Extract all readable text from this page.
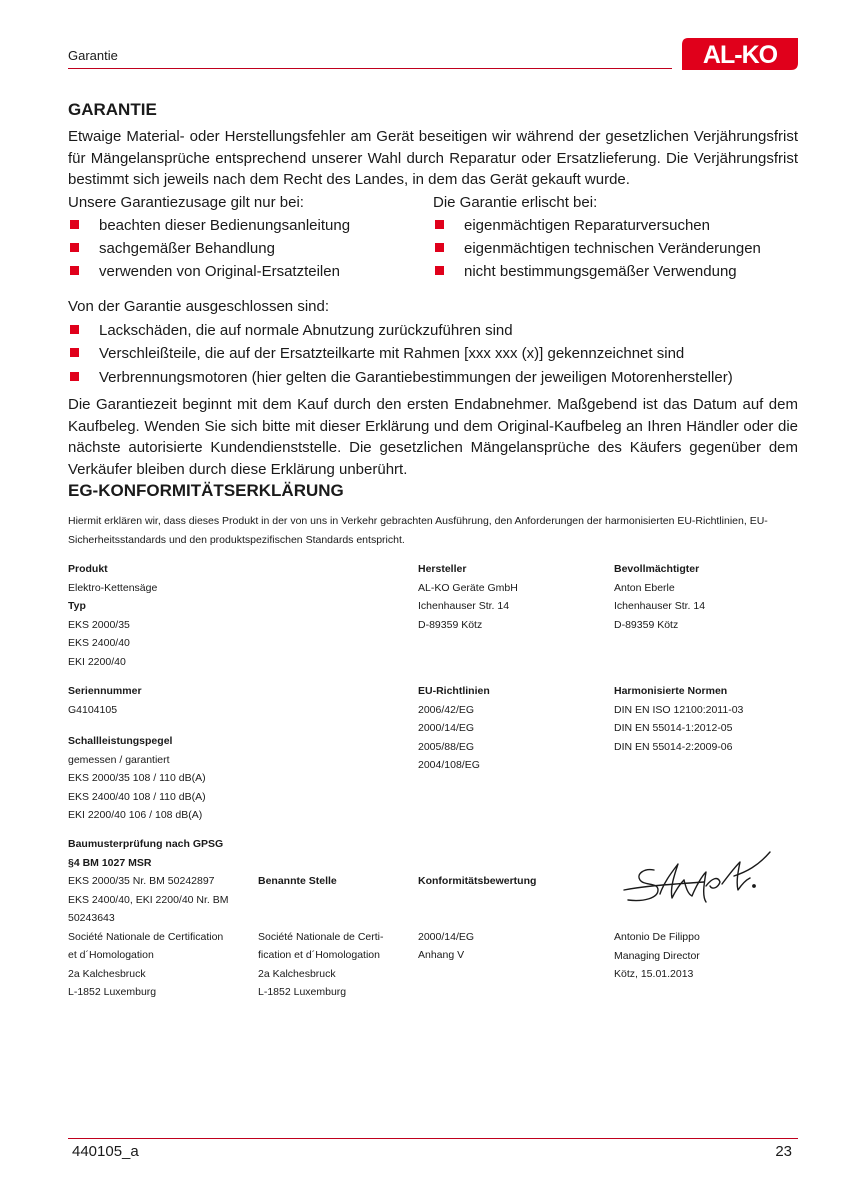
Garantie	AL-KO
GARANTIE
Etwaige Material- oder Herstellungsfehler am Gerät beseitigen wir während der gesetzlichen Verjährungsfrist für Mängelansprüche entsprechend unserer Wahl durch Reparatur oder Ersatzlieferung. Die Verjährungsfrist bestimmt sich jeweils nach dem Recht des Landes, in dem das Gerät gekauft wurde.
Unsere Garantiezusage gilt nur bei:
beachten dieser Bedienungsanleitung
sachgemäßer Behandlung
verwenden von Original-Ersatzteilen
Die Garantie erlischt bei:
eigenmächtigen Reparaturversuchen
eigenmächtigen technischen Veränderungen
nicht bestimmungsgemäßer Verwendung
Von der Garantie ausgeschlossen sind:
Lackschäden, die auf normale Abnutzung zurückzuführen sind
Verschleißteile, die auf der Ersatzteilkarte mit Rahmen [xxx xxx (x)] gekennzeichnet sind
Verbrennungsmotoren (hier gelten die Garantiebestimmungen der jeweiligen Motorenhersteller)
Die Garantiezeit beginnt mit dem Kauf durch den ersten Endabnehmer. Maßgebend ist das Datum auf dem Kaufbeleg. Wenden Sie sich bitte mit dieser Erklärung und dem Original-Kaufbeleg an Ihren Händler oder die nächste autorisierte Kundendienststelle. Die gesetzlichen Mängelansprüche des Käufers gegenüber dem Verkäufer bleiben durch diese Erklärung unberührt.
EG-KONFORMITÄTSERKLÄRUNG
Hiermit erklären wir, dass dieses Produkt in der von uns in Verkehr gebrachten Ausführung, den Anforderungen der harmonisierten EU-Richtlinien, EU-Sicherheitsstandards und den produktspezifischen Standards entspricht.
Produkt
Elektro-Kettensäge
Typ
EKS 2000/35
EKS 2400/40
EKI 2200/40
Hersteller
AL-KO Geräte GmbH
Ichenhauser Str. 14
D-89359 Kötz
Bevollmächtigter
Anton Eberle
Ichenhauser Str. 14
D-89359 Kötz
Seriennummer
G4104105
Schallleistungspegel
gemessen / garantiert
EKS 2000/35 108 / 110 dB(A)
EKS 2400/40 108 / 110 dB(A)
EKI 2200/40 106 / 108 dB(A)
EU-Richtlinien
2006/42/EG
2000/14/EG
2005/88/EG
2004/108/EG
Harmonisierte Normen
DIN EN ISO 12100:2011-03
DIN EN 55014-1:2012-05
DIN EN 55014-2:2009-06
Baumusterprüfung nach GPSG
§4 BM 1027 MSR
EKS 2000/35 Nr. BM 50242897
EKS 2400/40, EKI 2200/40 Nr. BM
50243643
Société Nationale de Certification
et d´Homologation
2a Kalchesbruck
L-1852 Luxemburg
Benannte Stelle
Société Nationale de Certi-
fication et d´Homologation
2a Kalchesbruck
L-1852 Luxemburg
Konformitätsbewertung
2000/14/EG
Anhang V
Antonio De Filippo
Managing Director
Kötz, 15.01.2013
440105_a	23
